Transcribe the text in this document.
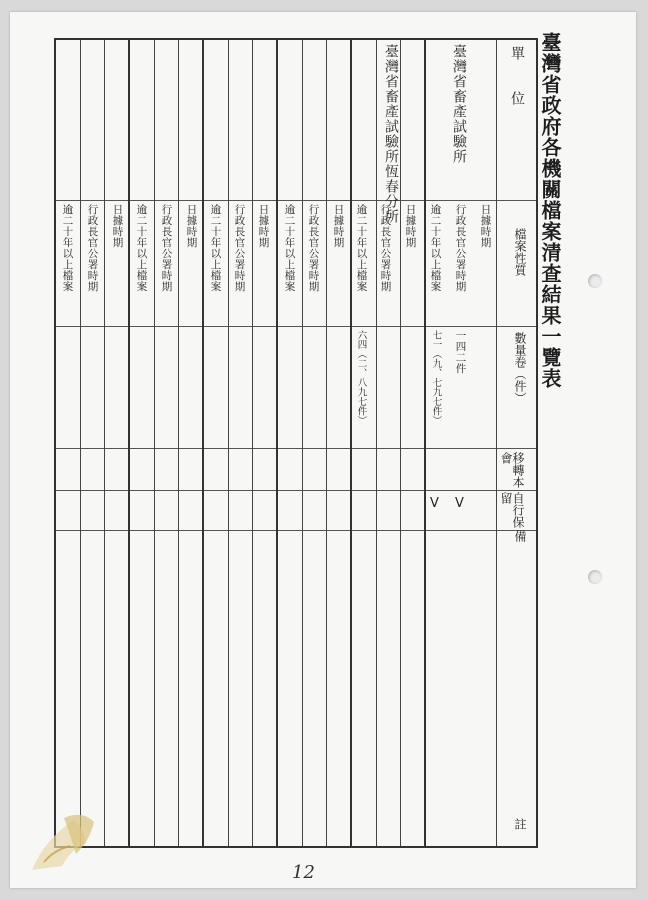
臺灣省政府各機關檔案清查結果一覽表
單　　位
檔案性質
數量卷（件）
移轉本會
自行保留
備
註
臺灣省畜產試驗所
日據時期
行政長官公署時期
逾二十年以上檔案
一四二件
七一（九、七九七件）
V
V
臺灣省畜產試驗所恆春分所
日據時期
行政長官公署時期
逾二十年以上檔案
六四（二、八九七件）
日據時期
行政長官公署時期
逾二十年以上檔案
日據時期
行政長官公署時期
逾二十年以上檔案
日據時期
行政長官公署時期
逾二十年以上檔案
日據時期
行政長官公署時期
逾二十年以上檔案
12
